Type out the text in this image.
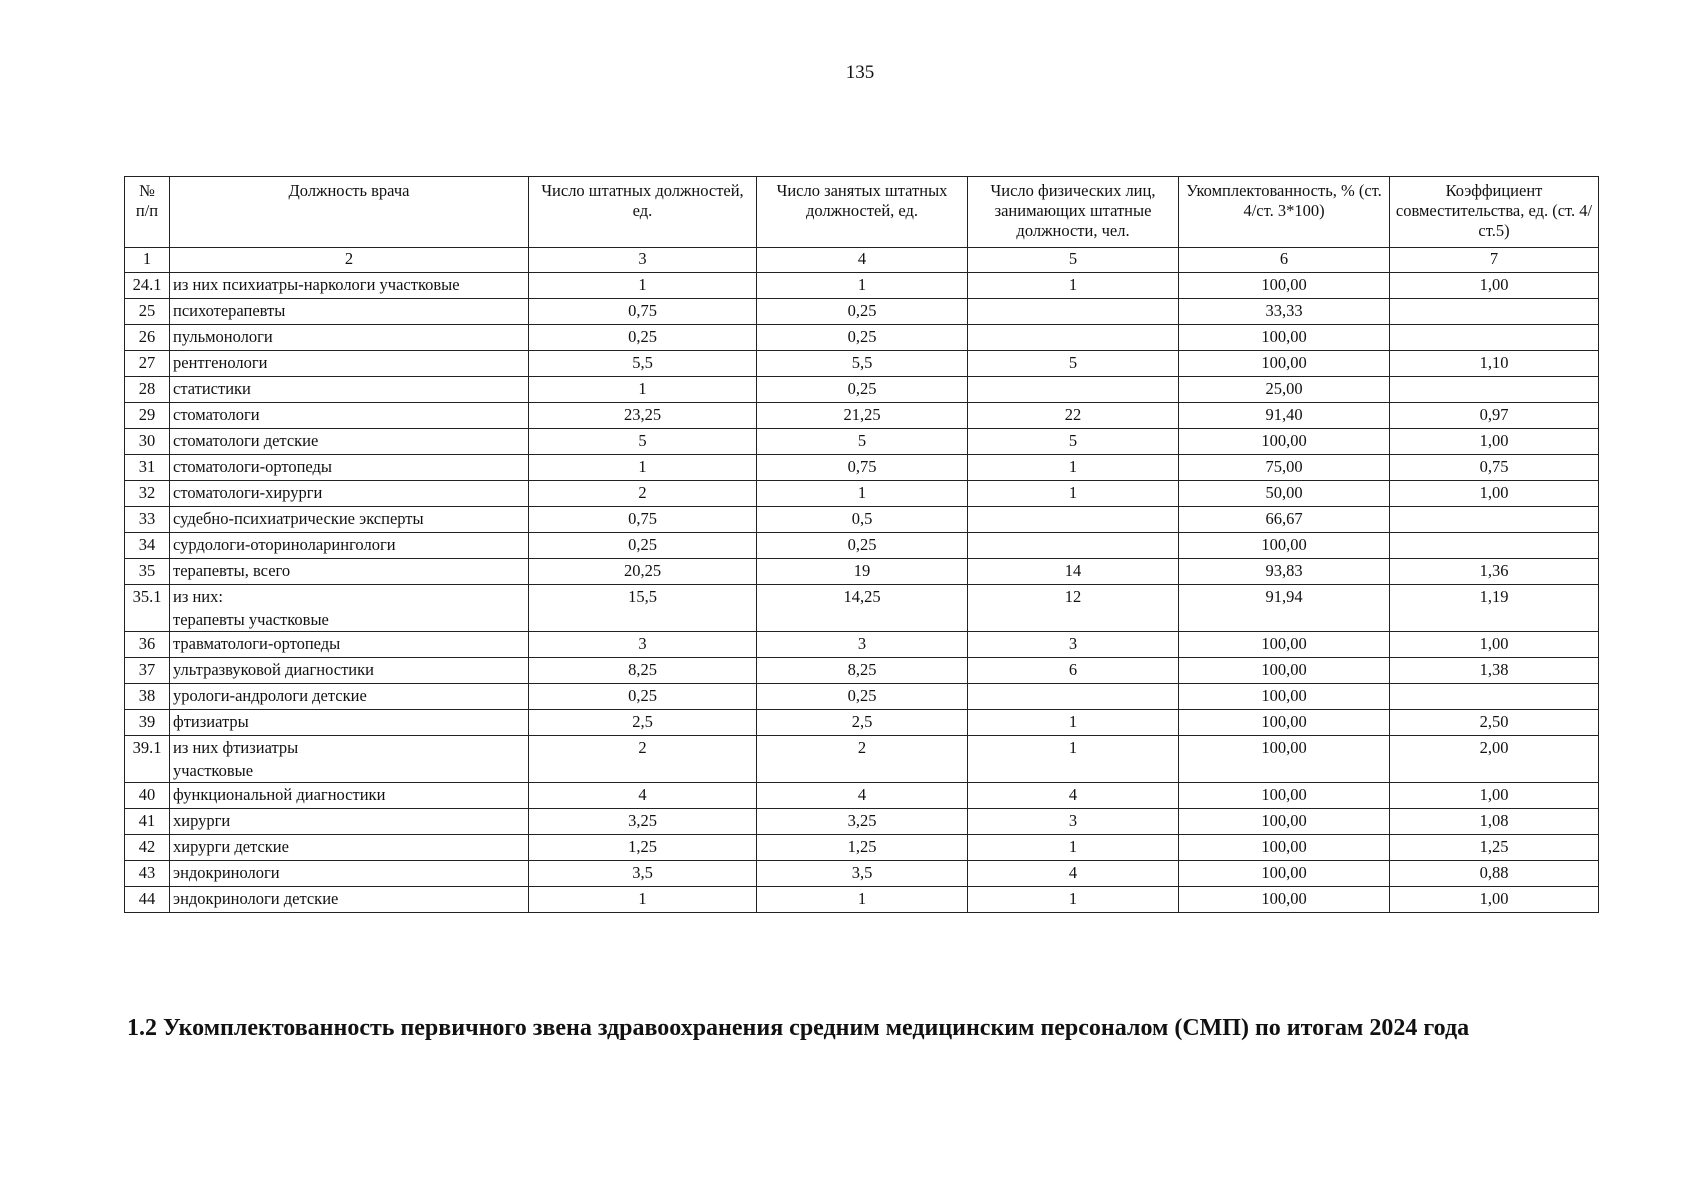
135
№
п/п	Должность врача	Число штатных должностей, ед.	Число занятых штатных должностей, ед.	Число физических лиц, занимающих штатные должности, чел.	Укомплектованность, % (ст. 4/ст. 3*100)	Коэффициент совместительства, ед. (ст. 4/ст.5)
1	2	3	4	5	6	7
24.1	из них психиатры-наркологи участковые	1	1	1	100,00	1,00
25	психотерапевты	0,75	0,25		33,33	
26	пульмонологи	0,25	0,25		100,00	
27	рентгенологи	5,5	5,5	5	100,00	1,10
28	статистики	1	0,25		25,00	
29	стоматологи	23,25	21,25	22	91,40	0,97
30	стоматологи детские	5	5	5	100,00	1,00
31	стоматологи-ортопеды	1	0,75	1	75,00	0,75
32	стоматологи-хирурги	2	1	1	50,00	1,00
33	судебно-психиатрические эксперты	0,75	0,5		66,67	
34	сурдологи-оториноларингологи	0,25	0,25		100,00	
35	терапевты, всего	20,25	19	14	93,83	1,36
35.1	из них:
терапевты участковые	15,5	14,25	12	91,94	1,19
36	травматологи-ортопеды	3	3	3	100,00	1,00
37	ультразвуковой диагностики	8,25	8,25	6	100,00	1,38
38	урологи-андрологи детские	0,25	0,25		100,00	
39	фтизиатры	2,5	2,5	1	100,00	2,50
39.1	из них фтизиатры
участковые	2	2	1	100,00	2,00
40	функциональной диагностики	4	4	4	100,00	1,00
41	хирурги	3,25	3,25	3	100,00	1,08
42	хирурги детские	1,25	1,25	1	100,00	1,25
43	эндокринологи	3,5	3,5	4	100,00	0,88
44	эндокринологи детские	1	1	1	100,00	1,00
1.2 Укомплектованность первичного звена здравоохранения средним медицинским персоналом (СМП) по итогам 2024 года
